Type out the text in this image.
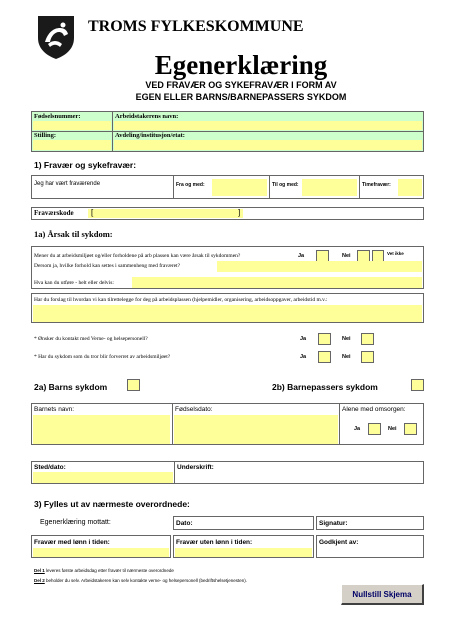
TROMS FYLKESKOMMUNE
Egenerklæring
VED FRAVÆR OG SYKEFRAVÆR I FORM AV
EGEN ELLER BARNS/BARNEPASSERS SYKDOM
Fødselsnummer:	Arbeidstakerens navn:
Stilling:	Avdeling/institusjon/etat:
1) Fravær og sykefravær:
Jeg har vært fraværende	Fra og med:	Til og med:	Timefravær:
Fraværskode [	]
1a) Årsak til sykdom:
Mener du at arbeidsmiljøet og/eller forholdene på arb plassen kan være årsak til sykdommen?	Ja	Nei	Vet ikke
Dersom ja, hvilke forhold kan settes i sammenheng med fraværet?
Hva kan du utføre - helt eller delvis:
Har du forslag til hvordan vi kan tilrettelegge for deg på arbeidsplassen (hjelpemidler, organisering, arbeidsoppgaver, arbeidstid m.v.:
* Ønsker du kontakt med Verne- og helsepersonell?	Ja	Nei
* Har du sykdom som du tror blir forverret av arbeidsmiljøet?	Ja	Nei
2a) Barns sykdom	2b) Barnepassers sykdom
Barnets navn:	Fødselsdato:	Alene med omsorgen:
Ja	Nei
Sted/dato:	Underskrift:
3) Fylles ut av nærmeste overordnede:
Egenerklæring mottatt:	Dato:	Signatur:
Fravær med lønn i tiden:	Fravær uten lønn i tiden:	Godkjent av:
Del 1 leveres første arbeidsdag etter fravær til nærmeste overordnede
Del 2 beholder du selv. Arbeidstakeren kan selv kontakte verne- og helsepersonell (bedriftshelsetjenesten).
Nullstill Skjema
